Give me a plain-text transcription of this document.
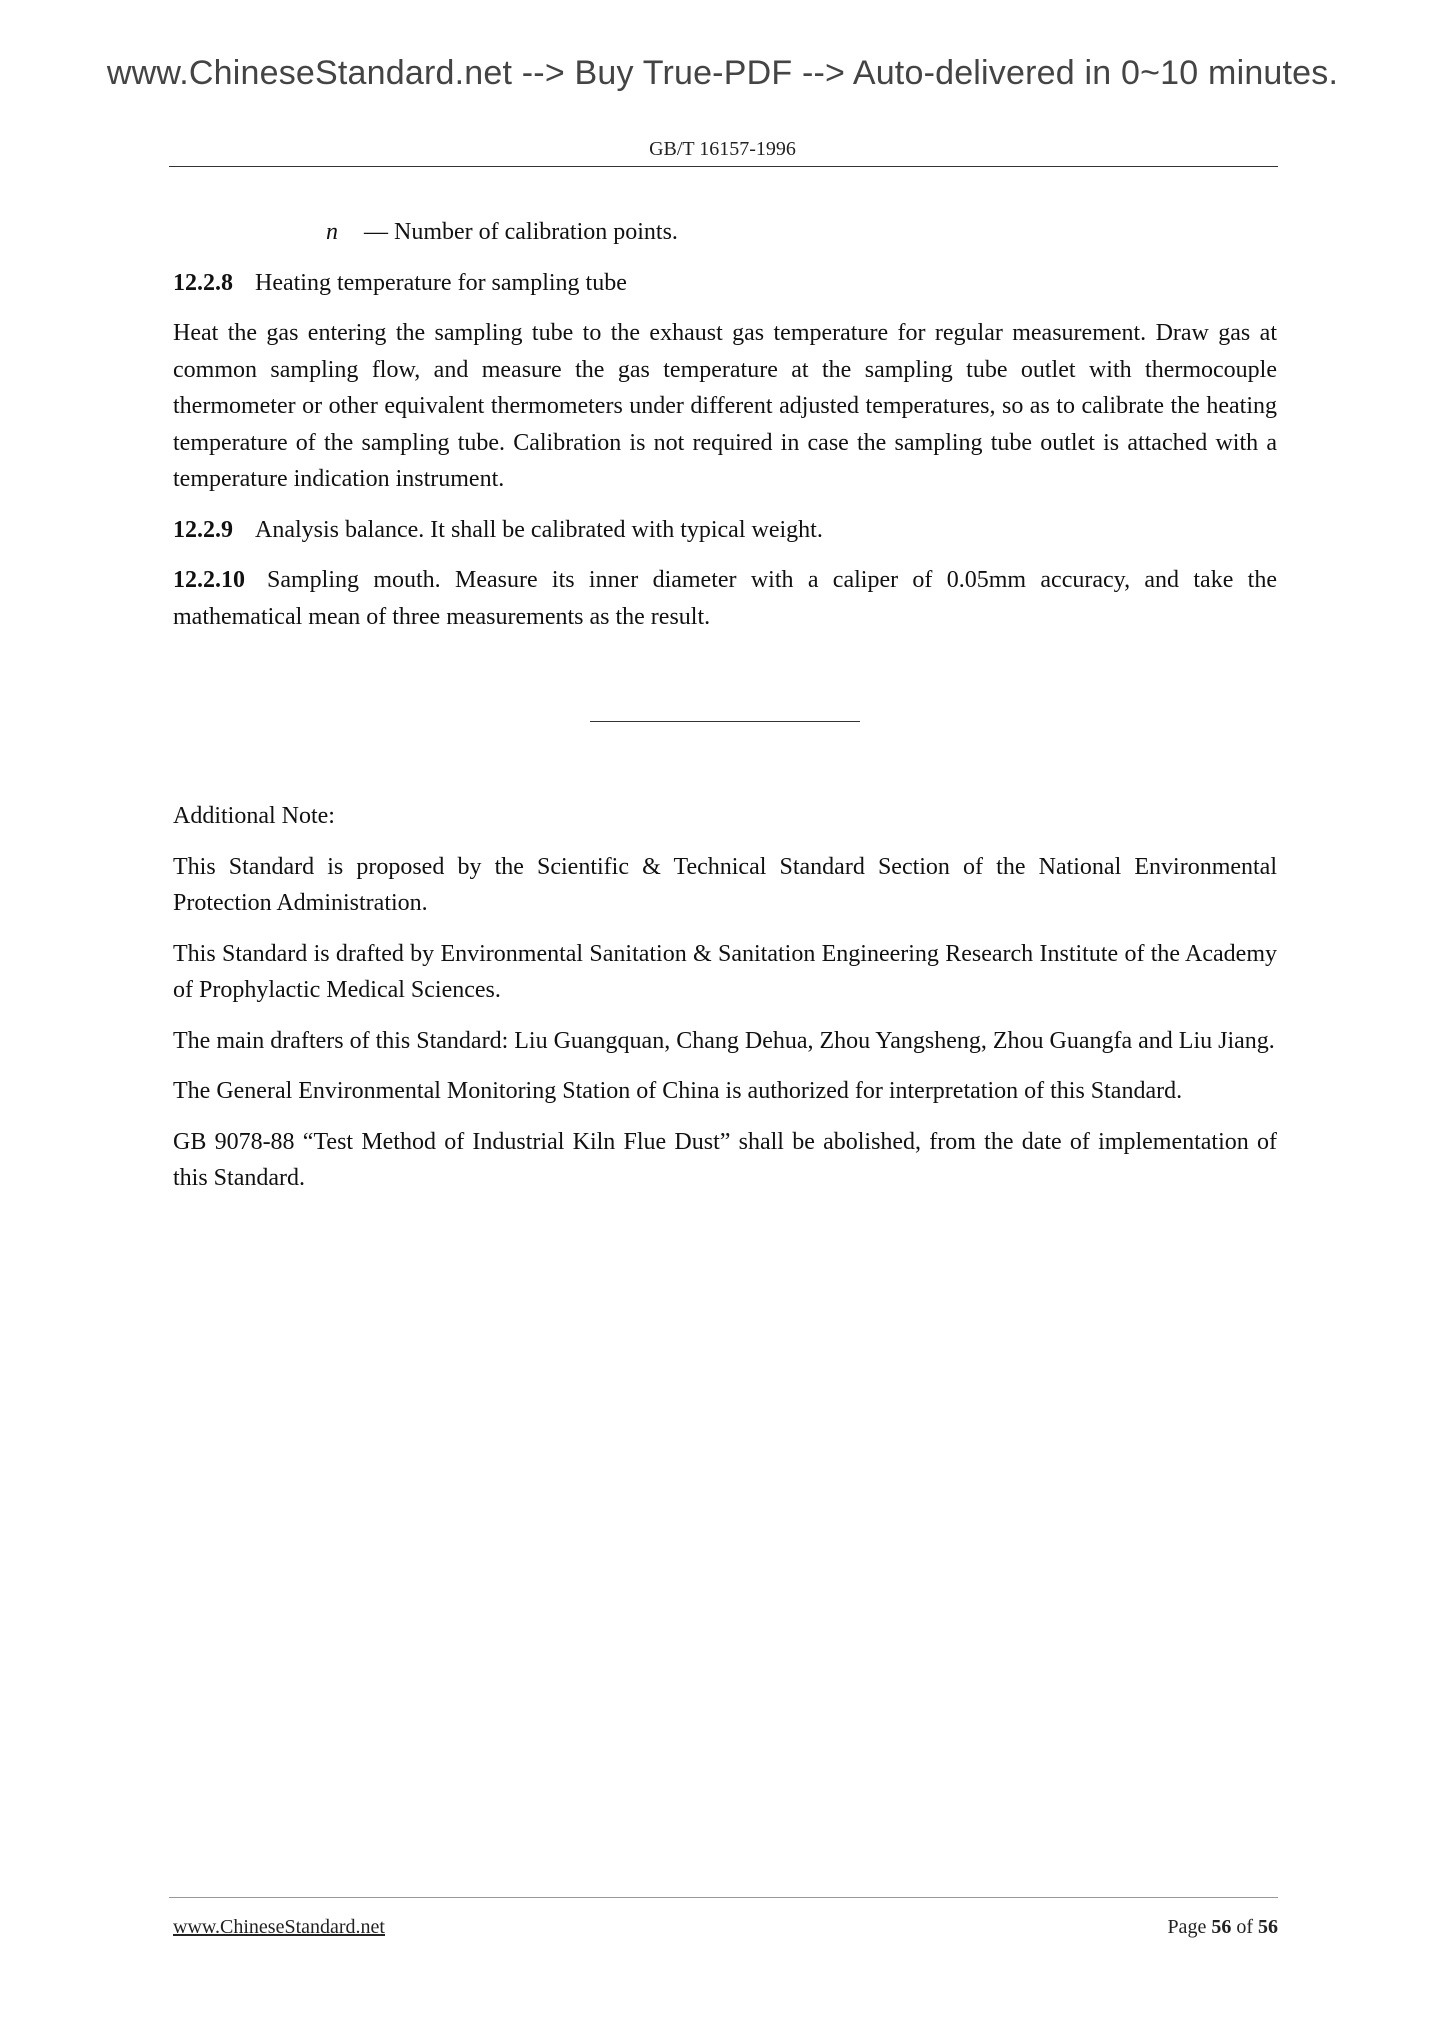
www.ChineseStandard.net --> Buy True-PDF --> Auto-delivered in 0~10 minutes.
GB/T 16157-1996

n — Number of calibration points.

12.2.8 Heating temperature for sampling tube

Heat the gas entering the sampling tube to the exhaust gas temperature for regular measurement. Draw gas at common sampling flow, and measure the gas temperature at the sampling tube outlet with thermocouple thermometer or other equivalent thermometers under different adjusted temperatures, so as to calibrate the heating temperature of the sampling tube. Calibration is not required in case the sampling tube outlet is attached with a temperature indication instrument.

12.2.9 Analysis balance. It shall be calibrated with typical weight.

12.2.10 Sampling mouth. Measure its inner diameter with a caliper of 0.05mm accuracy, and take the mathematical mean of three measurements as the result.

Additional Note:

This Standard is proposed by the Scientific & Technical Standard Section of the National Environmental Protection Administration.

This Standard is drafted by Environmental Sanitation & Sanitation Engineering Research Institute of the Academy of Prophylactic Medical Sciences.

The main drafters of this Standard: Liu Guangquan, Chang Dehua, Zhou Yangsheng, Zhou Guangfa and Liu Jiang.

The General Environmental Monitoring Station of China is authorized for interpretation of this Standard.

GB 9078-88 “Test Method of Industrial Kiln Flue Dust” shall be abolished, from the date of implementation of this Standard.

www.ChineseStandard.net	Page 56 of 56
